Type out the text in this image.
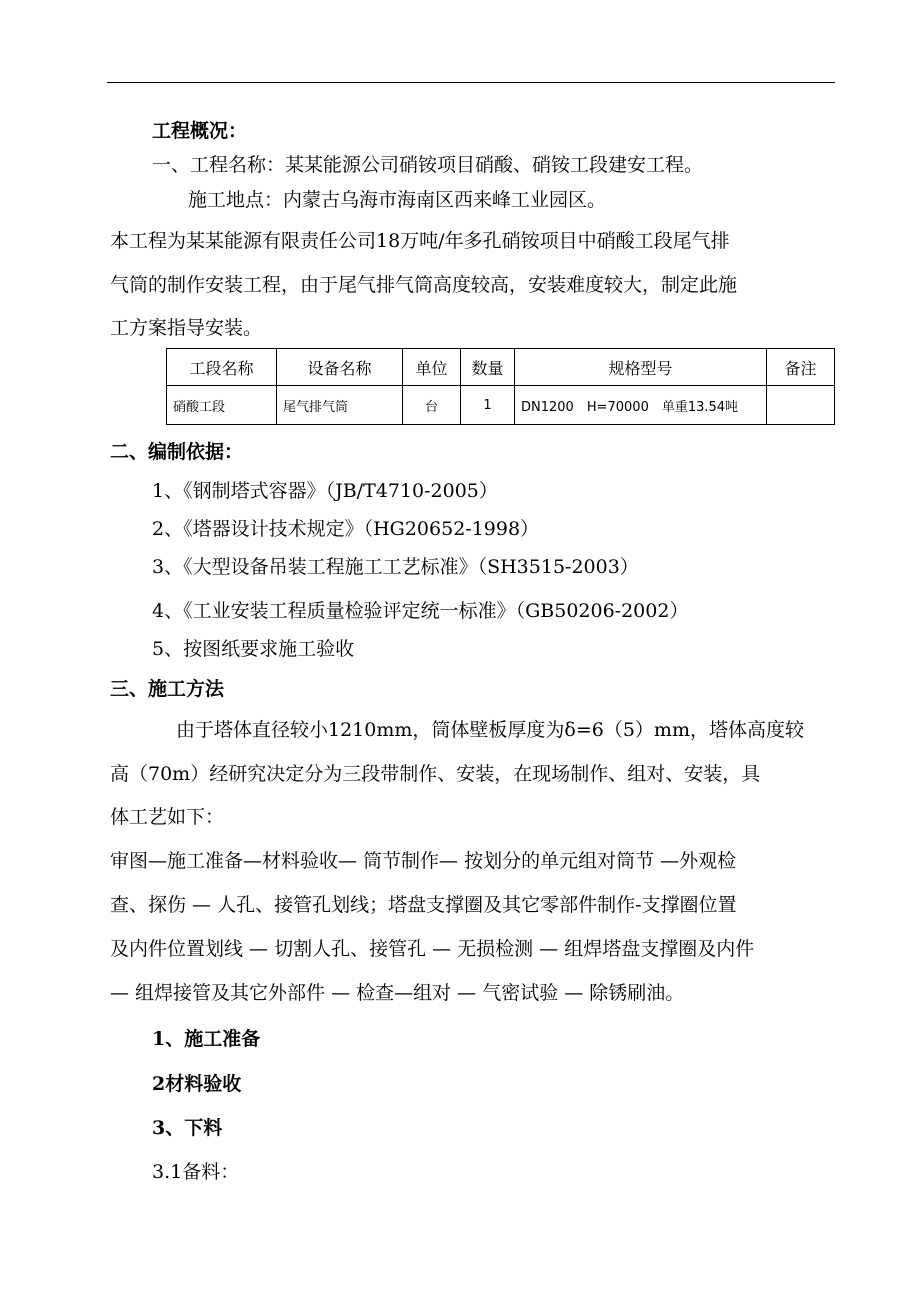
工程概况：
一、工程名称：某某能源公司硝铵项目硝酸、硝铵工段建安工程。
施工地点：内蒙古乌海市海南区西来峰工业园区。
本工程为某某能源有限责任公司18万吨/年多孔硝铵项目中硝酸工段尾气排
气筒的制作安装工程，由于尾气排气筒高度较高，安装难度较大，制定此施
工方案指导安装。
工段名称	设备名称	单位	数量	规格型号	备注
硝酸工段	尾气排气筒	台	1	DN1200　H=70000　单重13.54吨	
二、编制依据：
1、《钢制塔式容器》（JB/T4710-2005）
2、《塔器设计技术规定》（HG20652-1998）
3、《大型设备吊装工程施工工艺标准》（SH3515-2003）
4、《工业安装工程质量检验评定统一标准》（GB50206-2002）
5、按图纸要求施工验收
三、施工方法
由于塔体直径较小1210mm，筒体壁板厚度为δ=6（5）mm，塔体高度较
高（70m）经研究决定分为三段带制作、安装，在现场制作、组对、安装，具
体工艺如下：
审图—施工准备—材料验收— 筒节制作— 按划分的单元组对筒节 —外观检
查、探伤 — 人孔、接管孔划线；塔盘支撑圈及其它零部件制作-支撑圈位置
及内件位置划线 — 切割人孔、接管孔 — 无损检测 — 组焊塔盘支撑圈及内件
— 组焊接管及其它外部件 — 检查—组对 — 气密试验 — 除锈刷油。
1、施工准备
2材料验收
3、下料
3.1备料：
